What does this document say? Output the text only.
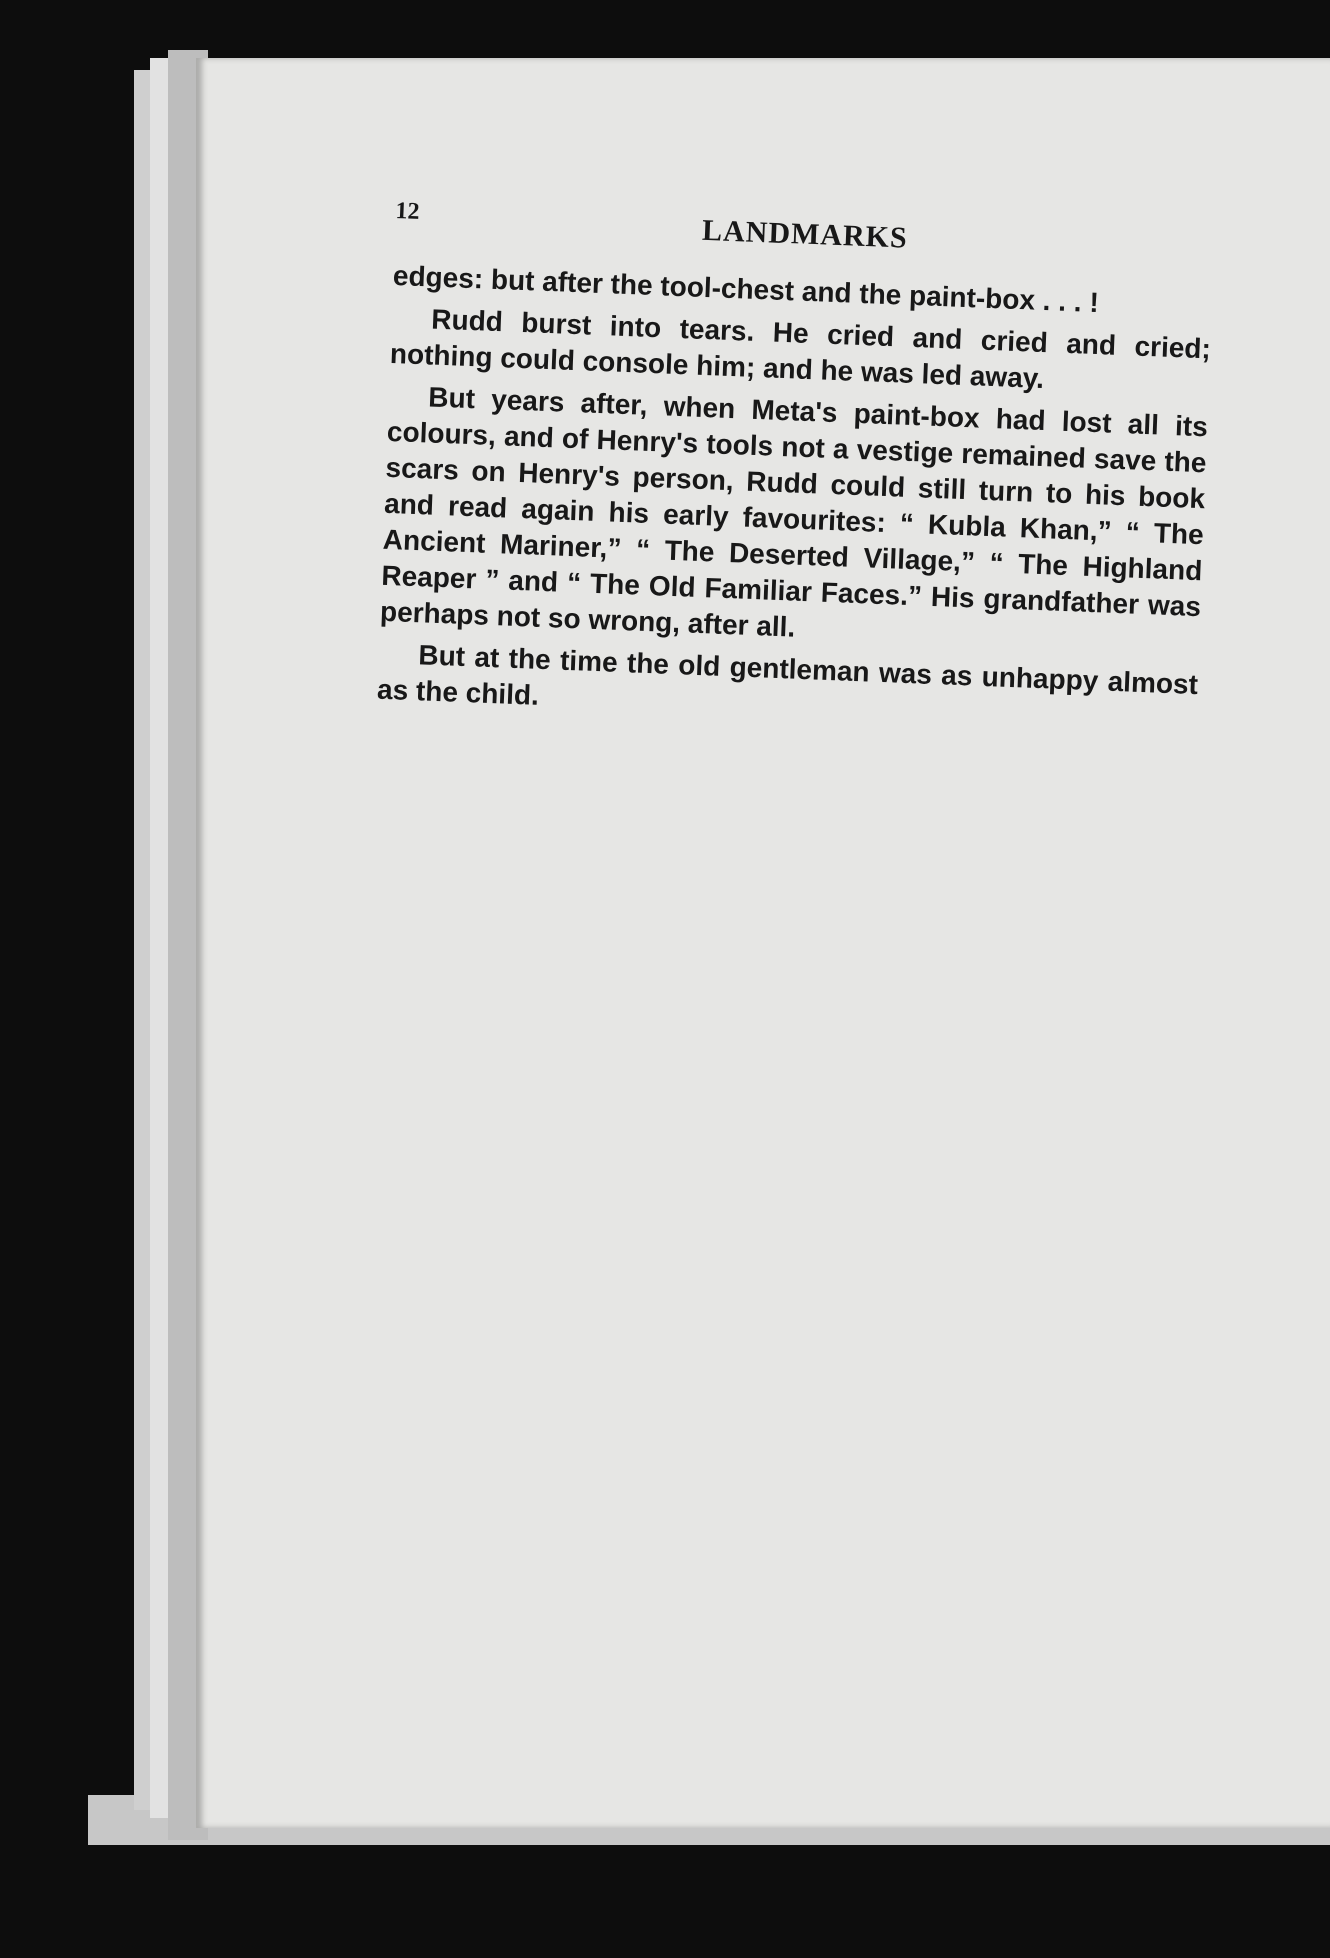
12
LANDMARKS

edges: but after the tool-chest and the paint-box . . . !

Rudd burst into tears. He cried and cried and cried; nothing could console him; and he was led away.

But years after, when Meta's paint-box had lost all its colours, and of Henry's tools not a vestige remained save the scars on Henry's person, Rudd could still turn to his book and read again his early favourites: “ Kubla Khan,” “ The Ancient Mariner,” “ The Deserted Village,” “ The Highland Reaper ” and “ The Old Familiar Faces.” His grandfather was perhaps not so wrong, after all.

But at the time the old gentleman was as unhappy almost as the child.
